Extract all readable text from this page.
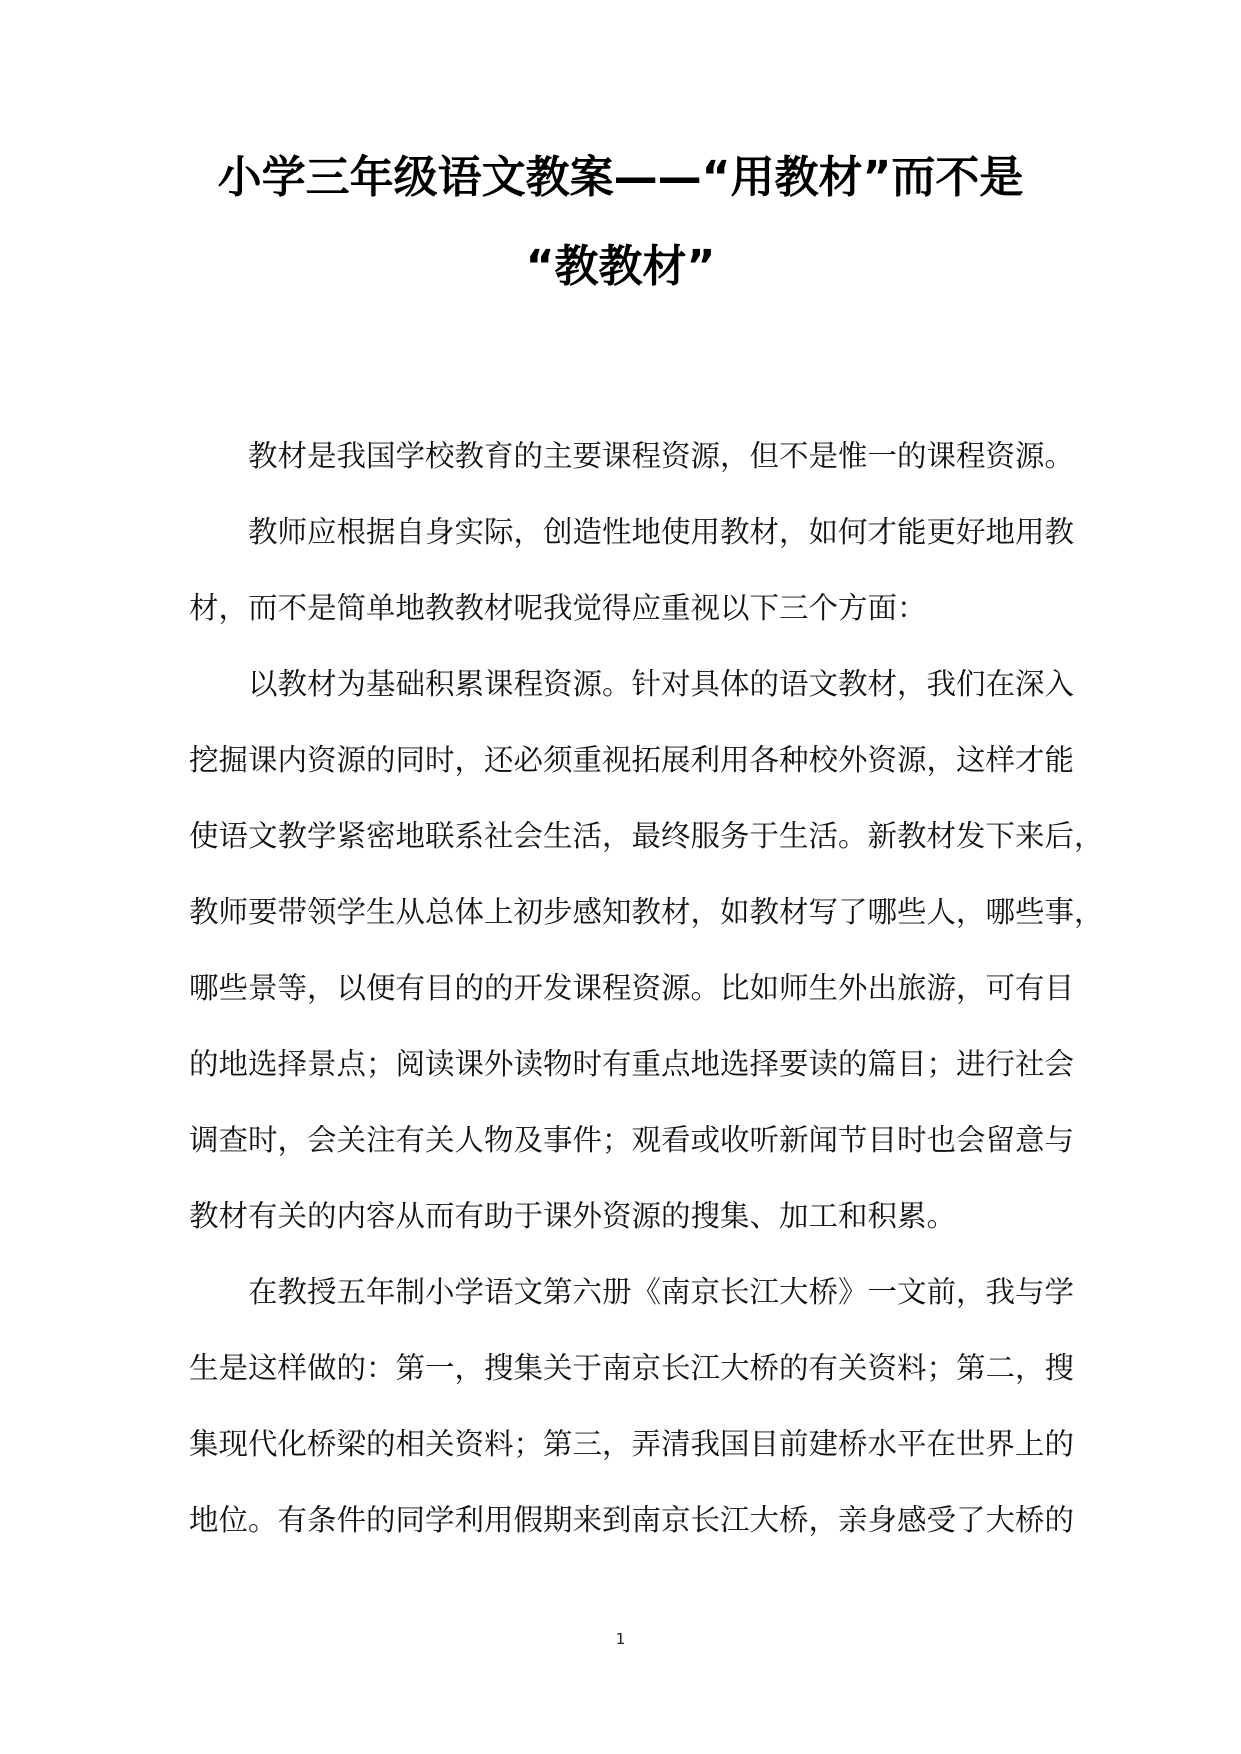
小学三年级语文教案——“用教材”而不是
“教教材”
教材是我国学校教育的主要课程资源，但不是惟一的课程资源。
教师应根据自身实际，创造性地使用教材，如何才能更好地用教
材，而不是简单地教教材呢我觉得应重视以下三个方面：
以教材为基础积累课程资源。针对具体的语文教材，我们在深入
挖掘课内资源的同时，还必须重视拓展利用各种校外资源，这样才能
使语文教学紧密地联系社会生活，最终服务于生活。新教材发下来后，
教师要带领学生从总体上初步感知教材，如教材写了哪些人，哪些事，
哪些景等，以便有目的的开发课程资源。比如师生外出旅游，可有目
的地选择景点；阅读课外读物时有重点地选择要读的篇目；进行社会
调查时，会关注有关人物及事件；观看或收听新闻节目时也会留意与
教材有关的内容从而有助于课外资源的搜集、加工和积累。
在教授五年制小学语文第六册《南京长江大桥》一文前，我与学
生是这样做的：第一，搜集关于南京长江大桥的有关资料；第二，搜
集现代化桥梁的相关资料；第三，弄清我国目前建桥水平在世界上的
地位。有条件的同学利用假期来到南京长江大桥，亲身感受了大桥的
1
